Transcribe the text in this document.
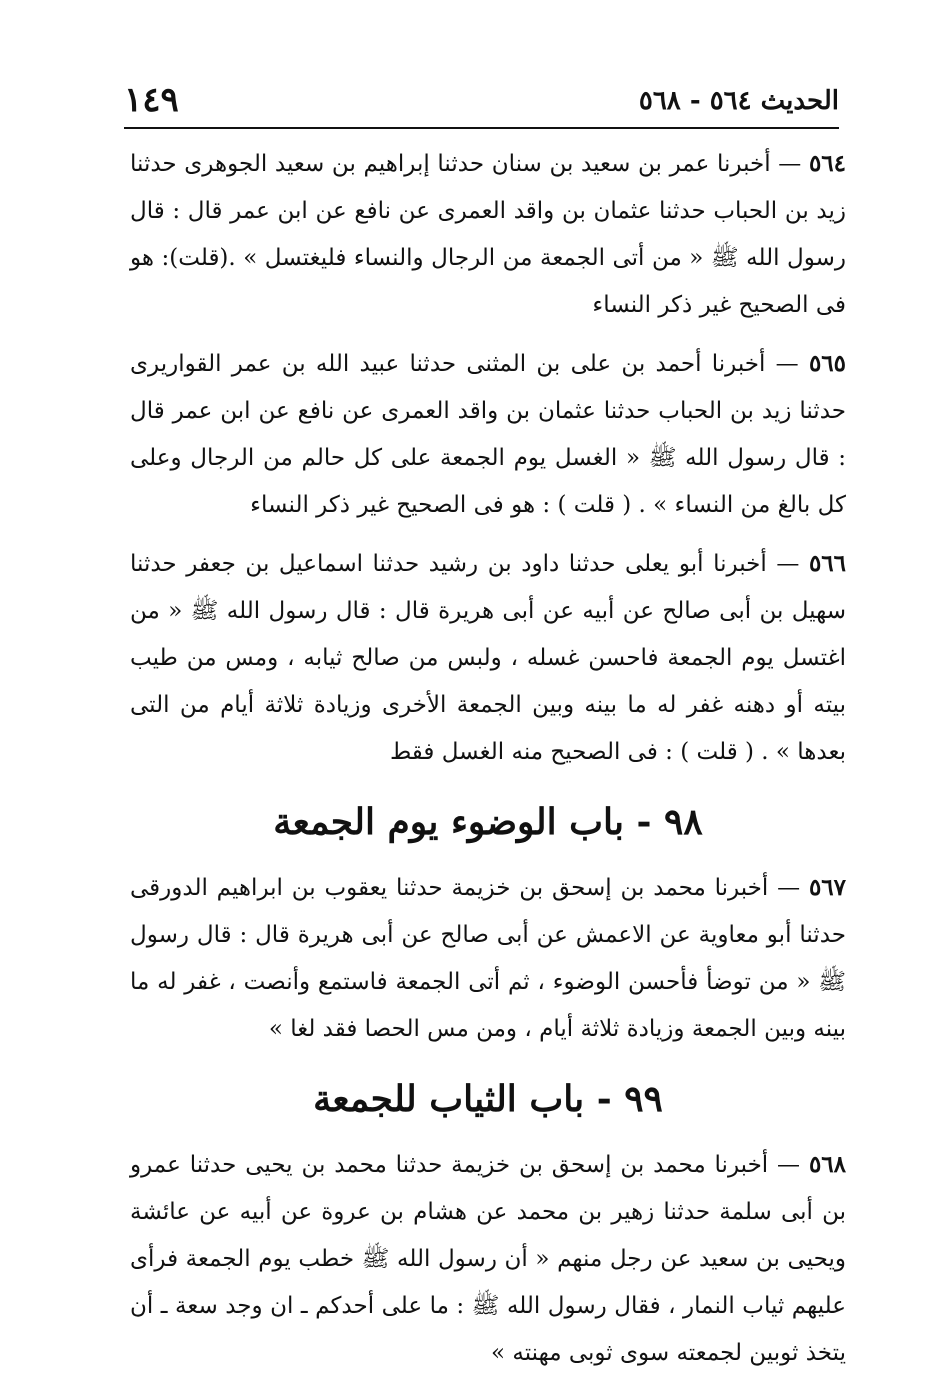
الحديث ٥٦٤ - ٥٦٨
١٤٩

٥٦٤ — أخبرنا عمر بن سعيد بن سنان حدثنا إبراهيم بن سعيد الجوهرى حدثنا زيد بن الحباب حدثنا عثمان بن واقد العمرى عن نافع عن ابن عمر قال : قال رسول الله ﷺ « من أتى الجمعة من الرجال والنساء فليغتسل » .(قلت): هو فى الصحيح غير ذكر النساء

٥٦٥ — أخبرنا أحمد بن على بن المثنى حدثنا عبيد الله بن عمر القواريرى حدثنا زيد بن الحباب حدثنا عثمان بن واقد العمرى عن نافع عن ابن عمر قال : قال رسول الله ﷺ « الغسل يوم الجمعة على كل حالم من الرجال وعلى كل بالغ من النساء » . ( قلت ) : هو فى الصحيح غير ذكر النساء

٥٦٦ — أخبرنا أبو يعلى حدثنا داود بن رشيد حدثنا اسماعيل بن جعفر حدثنا سهيل بن أبى صالح عن أبيه عن أبى هريرة قال : قال رسول الله ﷺ « من اغتسل يوم الجمعة فاحسن غسله ، ولبس من صالح ثيابه ، ومس من طيب بيته أو دهنه غفر له ما بينه وبين الجمعة الأخرى وزيادة ثلاثة أيام من التى بعدها » . ( قلت ) : فى الصحيح منه الغسل فقط

٩٨ - باب الوضوء يوم الجمعة

٥٦٧ — أخبرنا محمد بن إسحق بن خزيمة حدثنا يعقوب بن ابراهيم الدورقى حدثنا أبو معاوية عن الاعمش عن أبى صالح عن أبى هريرة قال : قال رسول ﷺ « من توضأ فأحسن الوضوء ، ثم أتى الجمعة فاستمع وأنصت ، غفر له ما بينه وبين الجمعة وزيادة ثلاثة أيام ، ومن مس الحصا فقد لغا »

٩٩ - باب الثياب للجمعة

٥٦٨ — أخبرنا محمد بن إسحق بن خزيمة حدثنا محمد بن يحيى حدثنا عمرو بن أبى سلمة حدثنا زهير بن محمد عن هشام بن عروة عن أبيه عن عائشة ويحيى بن سعيد عن رجل منهم « أن رسول الله ﷺ خطب يوم الجمعة فرأى عليهم ثياب النمار ، فقال رسول الله ﷺ : ما على أحدكم ـ ان وجد سعة ـ أن يتخذ ثوبين لجمعته سوى ثوبى مهنته »
